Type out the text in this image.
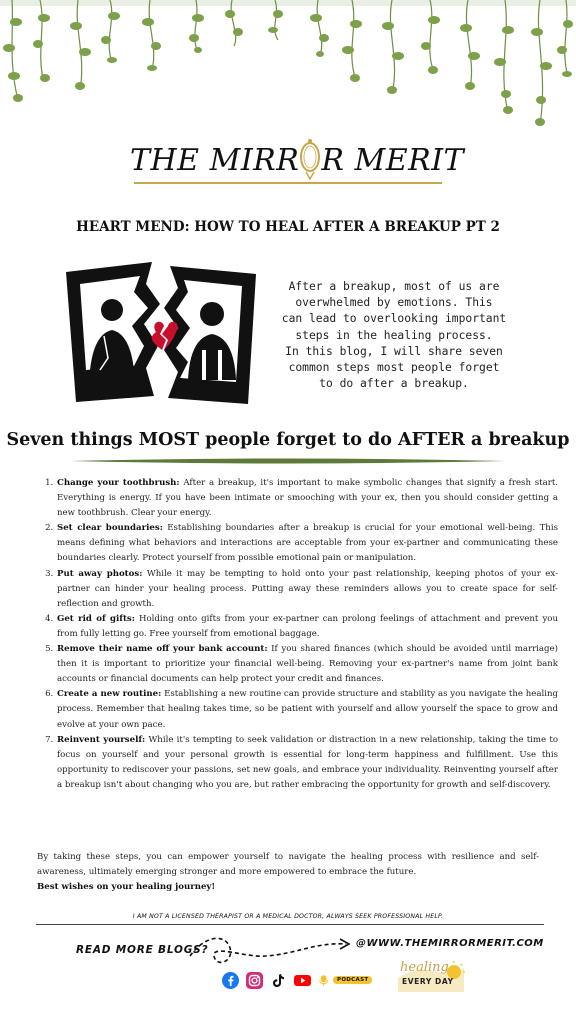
THE MIRR R MERIT
HEART MEND: HOW TO HEAL AFTER A BREAKUP PT 2

After a breakup, most of us are

overwhelmed by emotions. This

can lead to overlooking important

steps in the healing process.

In this blog, I will share seven

common steps most people forget

to do after a breakup.

Seven things MOST people forget to do AFTER a breakup
1. Change your toothbrush: After a breakup, it's important to make symbolic changes that signify a fresh start. Everything is energy. If you have been intimate or smooching with your ex, then you should consider getting a new toothbrush. Clear your energy.
2. Set clear boundaries: Establishing boundaries after a breakup is crucial for your emotional well-being. This means defining what behaviors and interactions are acceptable from your ex-partner and communicating these boundaries clearly. Protect yourself from possible emotional pain or manipulation.
3. Put away photos: While it may be tempting to hold onto your past relationship, keeping photos of your ex-partner can hinder your healing process. Putting away these reminders allows you to create space for self-reflection and growth.
4. Get rid of gifts: Holding onto gifts from your ex-partner can prolong feelings of attachment and prevent you from fully letting go. Free yourself from emotional baggage.
5. Remove their name off your bank account: If you shared finances (which should be avoided until marriage) then it is important to prioritize your financial well-being. Removing your ex-partner's name from joint bank accounts or financial documents can help protect your credit and finances.
6. Create a new routine: Establishing a new routine can provide structure and stability as you navigate the healing process. Remember that healing takes time, so be patient with yourself and allow yourself the space to grow and evolve at your own pace.
7. Reinvent yourself: While it's tempting to seek validation or distraction in a new relationship, taking the time to focus on yourself and your personal growth is essential for long-term happiness and fulfillment. Use this opportunity to rediscover your passions, set new goals, and embrace your individuality. Reinventing yourself after a breakup isn't about changing who you are, but rather embracing the opportunity for growth and self-discovery.

By taking these steps, you can empower yourself to navigate the healing process with resilience and self-awareness, ultimately emerging stronger and more empowered to embrace the future.

Best wishes on your healing journey!

I AM NOT A LICENSED THERAPIST OR A MEDICAL DOCTOR, ALWAYS SEEK PROFESSIONAL HELP.
READ MORE BLOGS?
@WWW.THEMIRRORMERIT.COM
PODCAST
healing
EVERY DAY
